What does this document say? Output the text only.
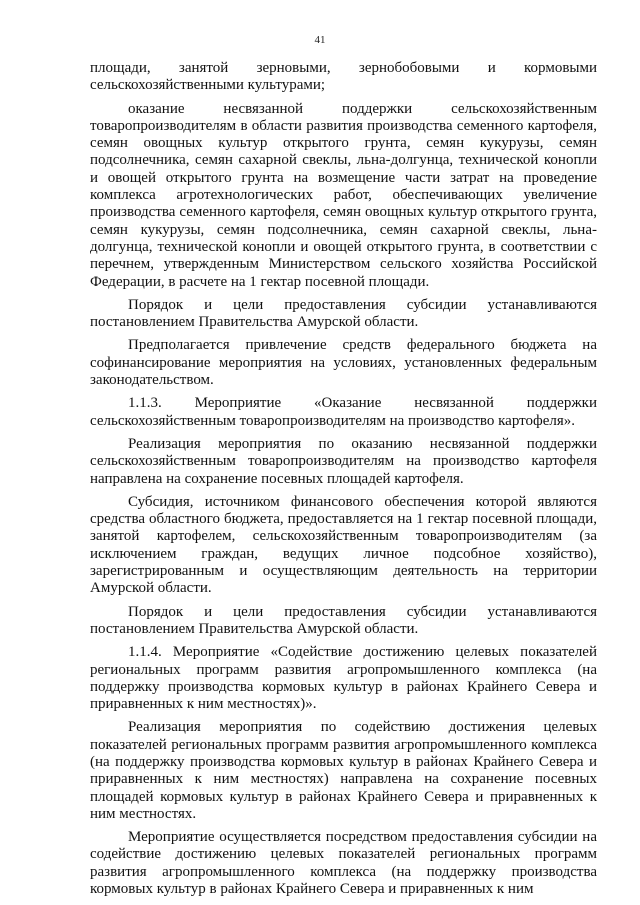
41

площади, занятой зерновыми, зернобобовыми и кормовыми сельскохозяйственными культурами;

оказание несвязанной поддержки сельскохозяйственным товаропроизводителям в области развития производства семенного картофеля, семян овощных культур открытого грунта, семян кукурузы, семян подсолнечника, семян сахарной свеклы, льна-долгунца, технической конопли и овощей открытого грунта на возмещение части затрат на проведение комплекса агротехнологических работ, обеспечивающих увеличение производства семенного картофеля, семян овощных культур открытого грунта, семян кукурузы, семян подсолнечника, семян сахарной свеклы, льна-долгунца, технической конопли и овощей открытого грунта, в соответствии с перечнем, утвержденным Министерством сельского хозяйства Российской Федерации, в расчете на 1 гектар посевной площади.

Порядок и цели предоставления субсидии устанавливаются постановлением Правительства Амурской области.

Предполагается привлечение средств федерального бюджета на софинансирование мероприятия на условиях, установленных федеральным законодательством.

1.1.3. Мероприятие «Оказание несвязанной поддержки сельскохозяйственным товаропроизводителям на производство картофеля».

Реализация мероприятия по оказанию несвязанной поддержки сельскохозяйственным товаропроизводителям на производство картофеля направлена на сохранение посевных площадей картофеля.

Субсидия, источником финансового обеспечения которой являются средства областного бюджета, предоставляется на 1 гектар посевной площади, занятой картофелем, сельскохозяйственным товаропроизводителям (за исключением граждан, ведущих личное подсобное хозяйство), зарегистрированным и осуществляющим деятельность на территории Амурской области.

Порядок и цели предоставления субсидии устанавливаются постановлением Правительства Амурской области.

1.1.4. Мероприятие «Содействие достижению целевых показателей региональных программ развития агропромышленного комплекса (на поддержку производства кормовых культур в районах Крайнего Севера и приравненных к ним местностях)».

Реализация мероприятия по содействию достижения целевых показателей региональных программ развития агропромышленного комплекса (на поддержку производства кормовых культур в районах Крайнего Севера и приравненных к ним местностях) направлена на сохранение посевных площадей кормовых культур в районах Крайнего Севера и приравненных к ним местностях.

Мероприятие осуществляется посредством предоставления субсидии на содействие достижению целевых показателей региональных программ развития агропромышленного комплекса (на поддержку производства кормовых культур в районах Крайнего Севера и приравненных к ним
